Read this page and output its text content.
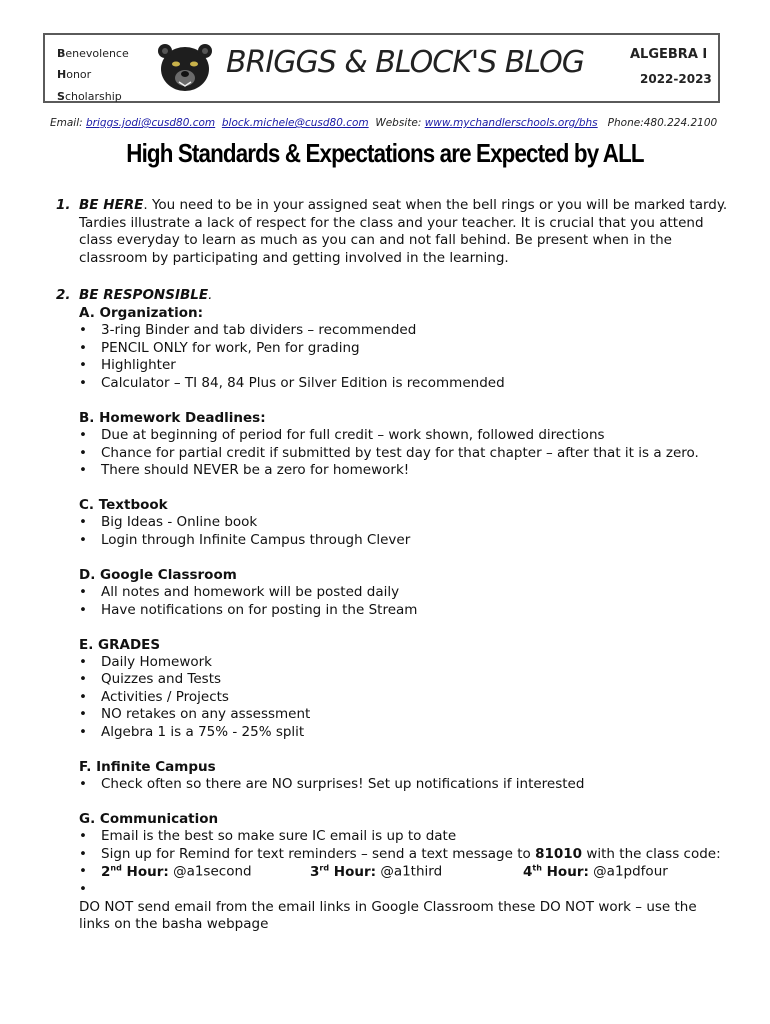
Benevolence
Honor
Scholarship
BRIGGS & BLOCK'S BLOG	ALGEBRA I
2022-2023
Email: briggs.jodi@cusd80.com block.michele@cusd80.com Website: www.mychandlerschools.org/bhs Phone:480.224.2100
High Standards & Expectations are Expected by ALL
1. BE HERE. You need to be in your assigned seat when the bell rings or you will be marked tardy. Tardies illustrate a lack of respect for the class and your teacher. It is crucial that you attend class everyday to learn as much as you can and not fall behind. Be present when in the classroom by participating and getting involved in the learning.
2. BE RESPONSIBLE.
A. Organization:
• 3-ring Binder and tab dividers – recommended
• PENCIL ONLY for work, Pen for grading
• Highlighter
• Calculator – TI 84, 84 Plus or Silver Edition is recommended
B. Homework Deadlines:
• Due at beginning of period for full credit – work shown, followed directions
• Chance for partial credit if submitted by test day for that chapter – after that it is a zero.
• There should NEVER be a zero for homework!
C. Textbook
• Big Ideas - Online book
• Login through Infinite Campus through Clever
D. Google Classroom
• All notes and homework will be posted daily
• Have notifications on for posting in the Stream
E. GRADES
• Daily Homework
• Quizzes and Tests
• Activities / Projects
• NO retakes on any assessment
• Algebra 1 is a 75% - 25% split
F. Infinite Campus
• Check often so there are NO surprises! Set up notifications if interested
G. Communication
• Email is the best so make sure IC email is up to date
• Sign up for Remind for text reminders – send a text message to 81010 with the class code:
•	2nd Hour: @a1second	3rd Hour: @a1third	4th Hour: @a1pdfour
•DO NOT send email from the email links in Google Classroom these DO NOT work – use the links on the basha webpage
